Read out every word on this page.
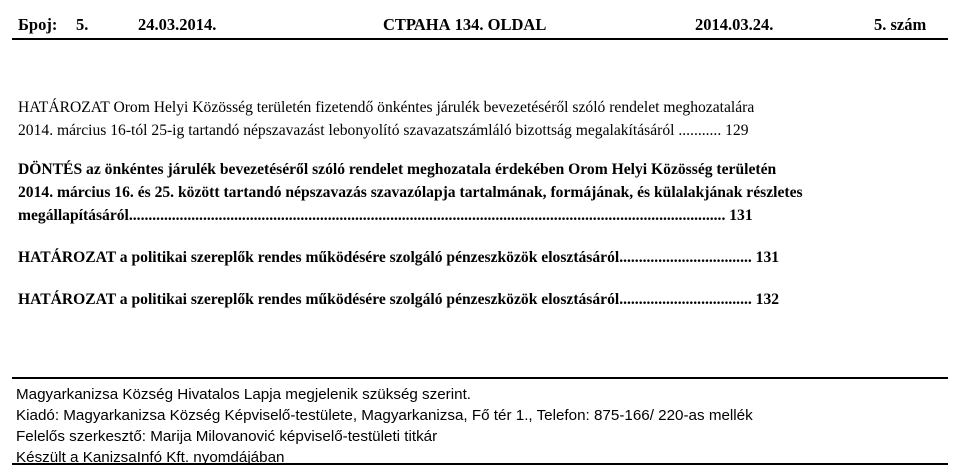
Број: 5.	24.03.2014.	СТРАНА 134. OLDAL	2014.03.24.	5. szám
HATÁROZAT Orom Helyi Közösség területén fizetendő önkéntes járulék bevezetéséről szóló rendelet meghozatalára
2014. március 16-tól 25-ig tartandó népszavazást lebonyolító szavazatszámláló bizottság megalakításáról ........... 129
DÖNTÉS az önkéntes járulék bevezetéséről szóló rendelet meghozatala érdekében Orom Helyi Közösség területén
2014. március 16. és 25. között tartandó népszavazás szavazólapja tartalmának, formájának, és külalakjának részletes
megállapításáról......................................................................................................................................................... 131
HATÁROZAT a politikai szereplők rendes működésére szolgáló pénzeszközök elosztásáról.................................. 131
HATÁROZAT a politikai szereplők rendes működésére szolgáló pénzeszközök elosztásáról.................................. 132
Magyarkanizsa Község Hivatalos Lapja megjelenik szükség szerint.
Kiadó: Magyarkanizsa Község Képviselő-testülete, Magyarkanizsa, Fő tér 1., Telefon: 875-166/ 220-as mellék
Felelős szerkesztő: Marija Milovanović képviselő-testületi titkár
Készült a KanizsaInfó Kft. nyomdájában
